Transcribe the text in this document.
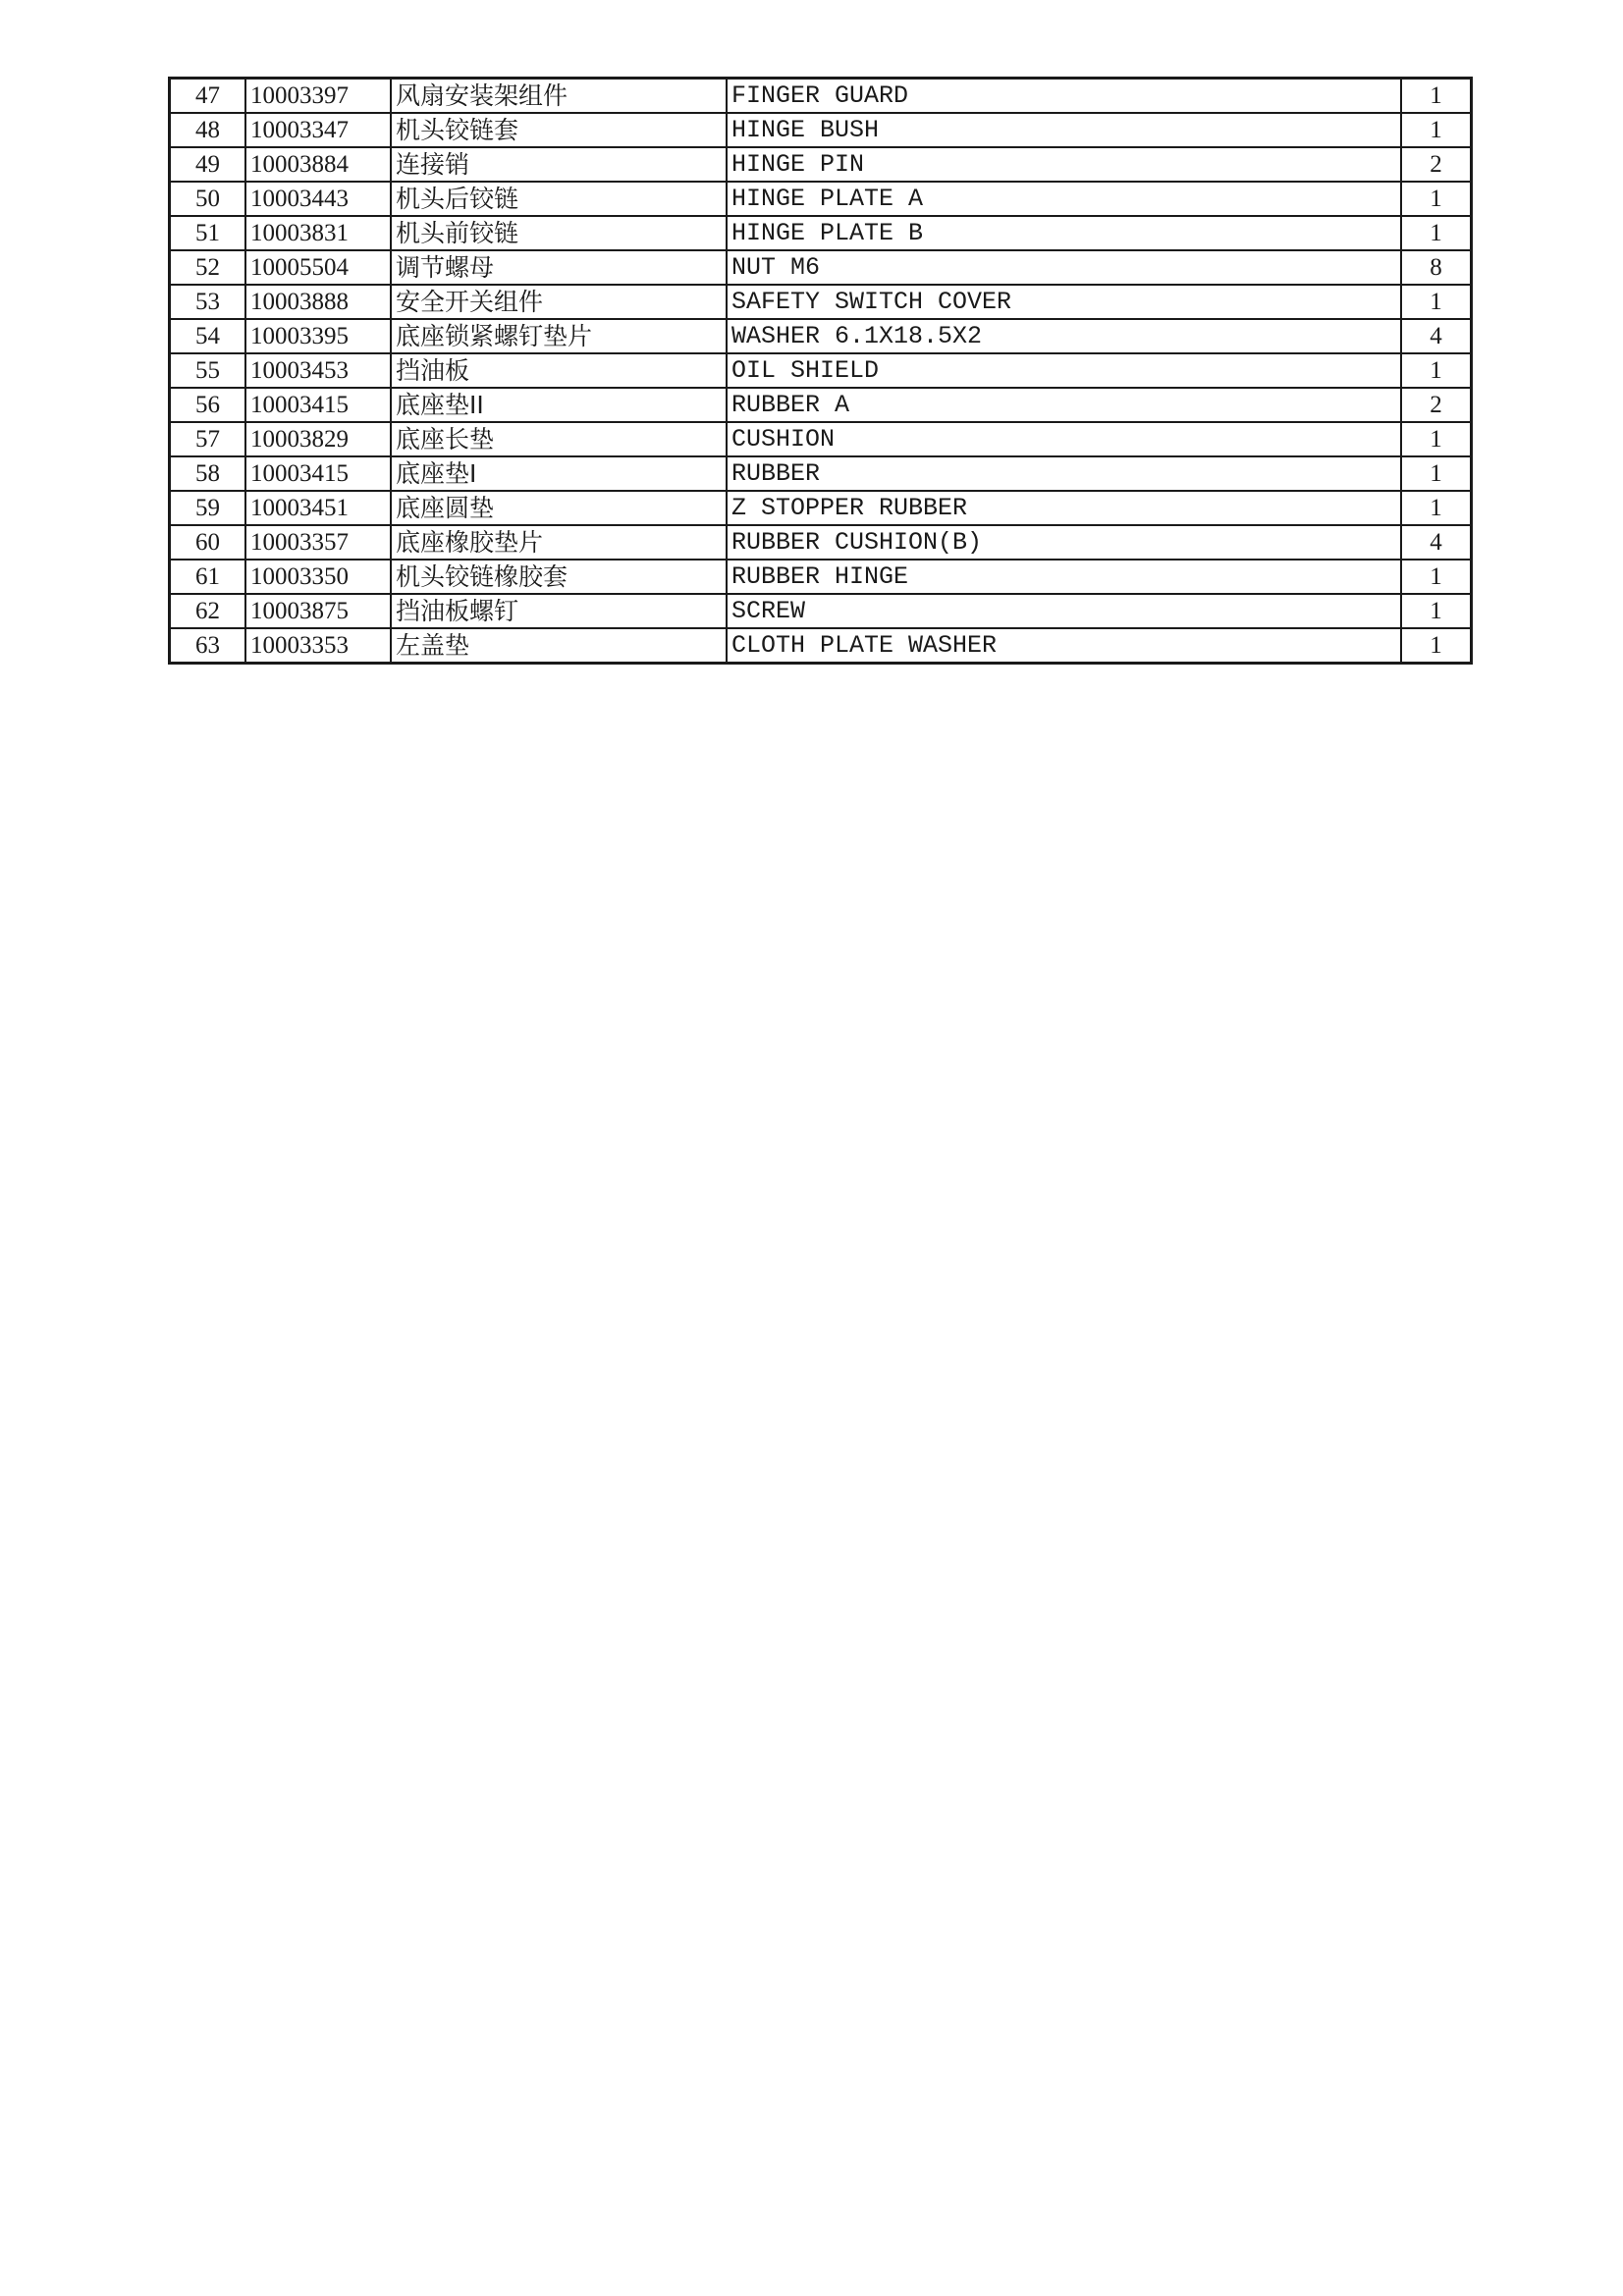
47	10003397	风扇安装架组件	FINGER GUARD	1
48	10003347	机头铰链套	HINGE BUSH	1
49	10003884	连接销	HINGE PIN	2
50	10003443	机头后铰链	HINGE PLATE A	1
51	10003831	机头前铰链	HINGE PLATE B	1
52	10005504	调节螺母	NUT M6	8
53	10003888	安全开关组件	SAFETY SWITCH COVER	1
54	10003395	底座锁紧螺钉垫片	WASHER 6.1X18.5X2	4
55	10003453	挡油板	OIL SHIELD	1
56	10003415	底座垫II	RUBBER A	2
57	10003829	底座长垫	CUSHION	1
58	10003415	底座垫I	RUBBER	1
59	10003451	底座圆垫	Z STOPPER RUBBER	1
60	10003357	底座橡胶垫片	RUBBER CUSHION(B)	4
61	10003350	机头铰链橡胶套	RUBBER HINGE	1
62	10003875	挡油板螺钉	SCREW	1
63	10003353	左盖垫	CLOTH PLATE WASHER	1
